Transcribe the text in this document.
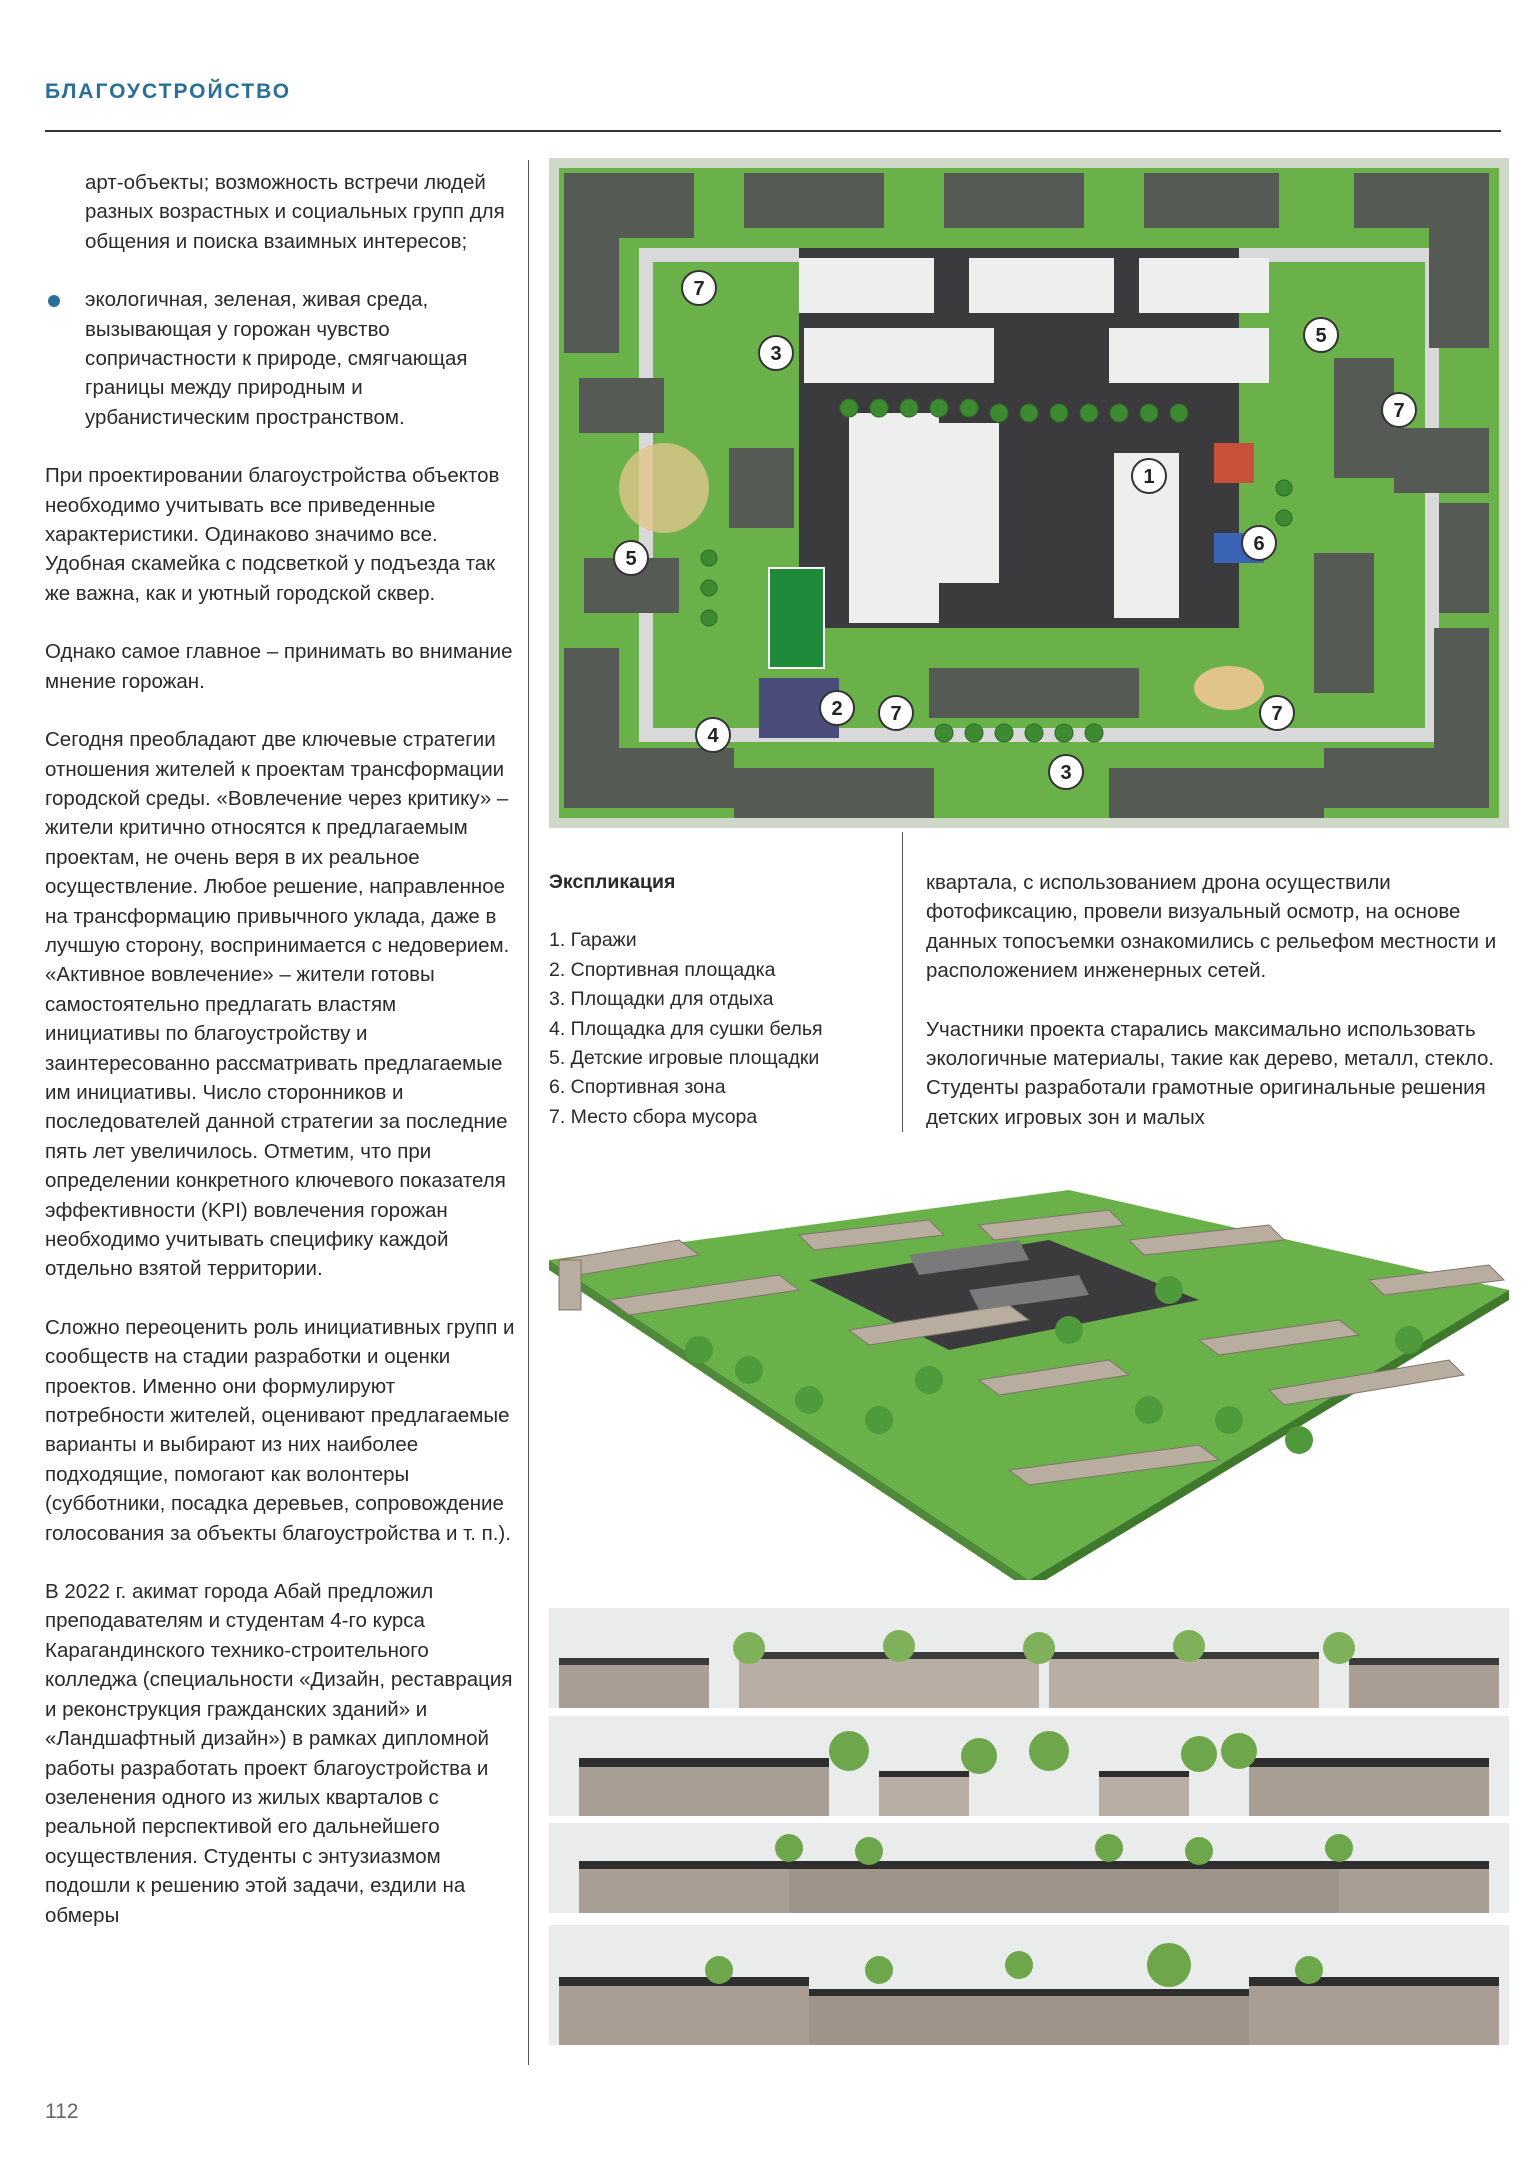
БЛАГОУСТРОЙСТВО
арт-объекты; возможность встречи людей разных возрастных и социальных групп для общения и поиска взаимных интересов;
экологичная, зеленая, живая среда, вызывающая у горожан чувство сопричастности к природе, смягчающая границы между природным и урбанистическим пространством.

При проектировании благоустройства объектов необходимо учитывать все приведенные характеристики. Одинаково значимо все. Удобная скамейка с подсветкой у подъезда так же важна, как и уютный городской сквер.

Однако самое главное – принимать во внимание мнение горожан.

Сегодня преобладают две ключевые стратегии отношения жителей к проектам трансформации городской среды. «Вовлечение через критику» – жители критично относятся к предлагаемым проектам, не очень веря в их реальное осуществление. Любое решение, направленное на трансформацию привычного уклада, даже в лучшую сторону, воспринимается с недоверием. «Активное вовлечение» – жители готовы самостоятельно предлагать властям инициативы по благоустройству и заинтересованно рассматривать предлагаемые им инициативы. Число сторонников и последователей данной стратегии за последние пять лет увеличилось. Отметим, что при определении конкретного ключевого показателя эффективности (KPI) вовлечения горожан необходимо учитывать специфику каждой отдельно взятой территории.

Сложно переоценить роль инициативных групп и сообществ на стадии разработки и оценки проектов. Именно они формулируют потребности жителей, оценивают предлагаемые варианты и выбирают из них наиболее подходящие, помогают как волонтеры (субботники, посадка деревьев, сопровождение голосования за объекты благоустройства и т. п.).

В 2022 г. акимат города Абай предложил преподавателям и студентам 4-го курса Карагандинского технико-строительного колледжа (специальности «Дизайн, реставрация и реконструкция гражданских зданий» и «Ландшафтный дизайн») в рамках дипломной работы разработать проект благоустройства и озеленения одного из жилых кварталов с реальной перспективой его дальнейшего осуществления. Студенты с энтузиазмом подошли к решению этой задачи, ездили на обмеры

7
3
5
7
1
6
5
2 7	7
4
3
Экспликация
1. Гаражи
2. Спортивная площадка
3. Площадки для отдыха
4. Площадка для сушки белья
5. Детские игровые площадки
6. Спортивная зона
7. Место сбора мусора

квартала, с использованием дрона осуществили фотофиксацию, провели визуальный осмотр, на основе данных топосъемки ознакомились с рельефом местности и расположением инженерных сетей.

Участники проекта старались максимально использовать экологичные материалы, такие как дерево, металл, стекло. Студенты разработали грамотные оригинальные решения детских игровых зон и малых

112
